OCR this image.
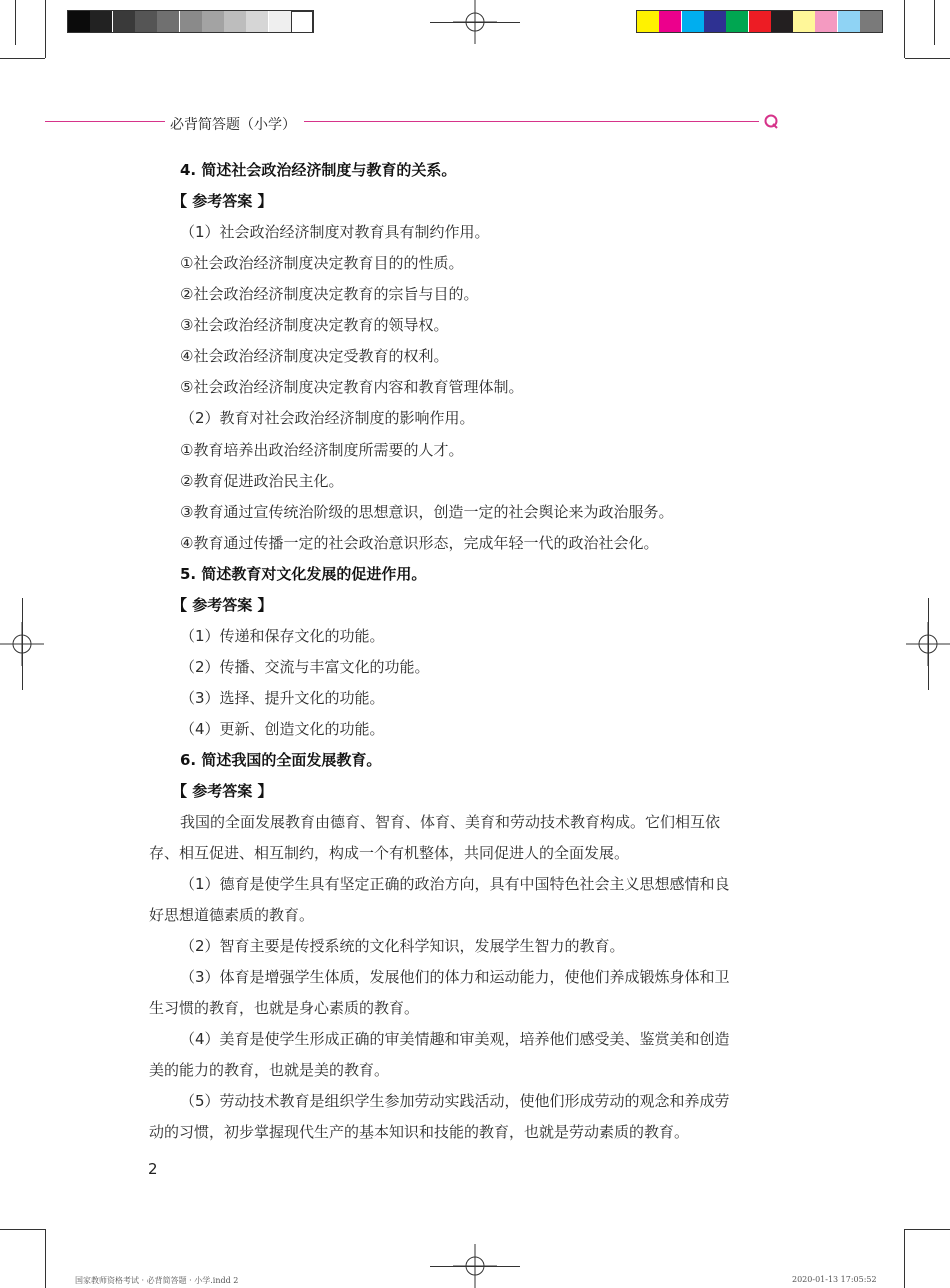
必背简答题（小学）
4. 简述社会政治经济制度与教育的关系。
【 参考答案 】
（1）社会政治经济制度对教育具有制约作用。
①社会政治经济制度决定教育目的的性质。
②社会政治经济制度决定教育的宗旨与目的。
③社会政治经济制度决定教育的领导权。
④社会政治经济制度决定受教育的权利。
⑤社会政治经济制度决定教育内容和教育管理体制。
（2）教育对社会政治经济制度的影响作用。
①教育培养出政治经济制度所需要的人才。
②教育促进政治民主化。
③教育通过宣传统治阶级的思想意识，创造一定的社会舆论来为政治服务。
④教育通过传播一定的社会政治意识形态，完成年轻一代的政治社会化。
5. 简述教育对文化发展的促进作用。
【 参考答案 】
（1）传递和保存文化的功能。
（2）传播、交流与丰富文化的功能。
（3）选择、提升文化的功能。
（4）更新、创造文化的功能。
6. 简述我国的全面发展教育。
【 参考答案 】
我国的全面发展教育由德育、智育、体育、美育和劳动技术教育构成。它们相互依
存、相互促进、相互制约，构成一个有机整体，共同促进人的全面发展。
（1）德育是使学生具有坚定正确的政治方向，具有中国特色社会主义思想感情和良
好思想道德素质的教育。
（2）智育主要是传授系统的文化科学知识，发展学生智力的教育。
（3）体育是增强学生体质，发展他们的体力和运动能力，使他们养成锻炼身体和卫
生习惯的教育，也就是身心素质的教育。
（4）美育是使学生形成正确的审美情趣和审美观，培养他们感受美、鉴赏美和创造
美的能力的教育，也就是美的教育。
（5）劳动技术教育是组织学生参加劳动实践活动，使他们形成劳动的观念和养成劳
动的习惯，初步掌握现代生产的基本知识和技能的教育，也就是劳动素质的教育。
2
国家教师资格考试 · 必背简答题 · 小学.indd 2	2020-01-13 17:05:52
